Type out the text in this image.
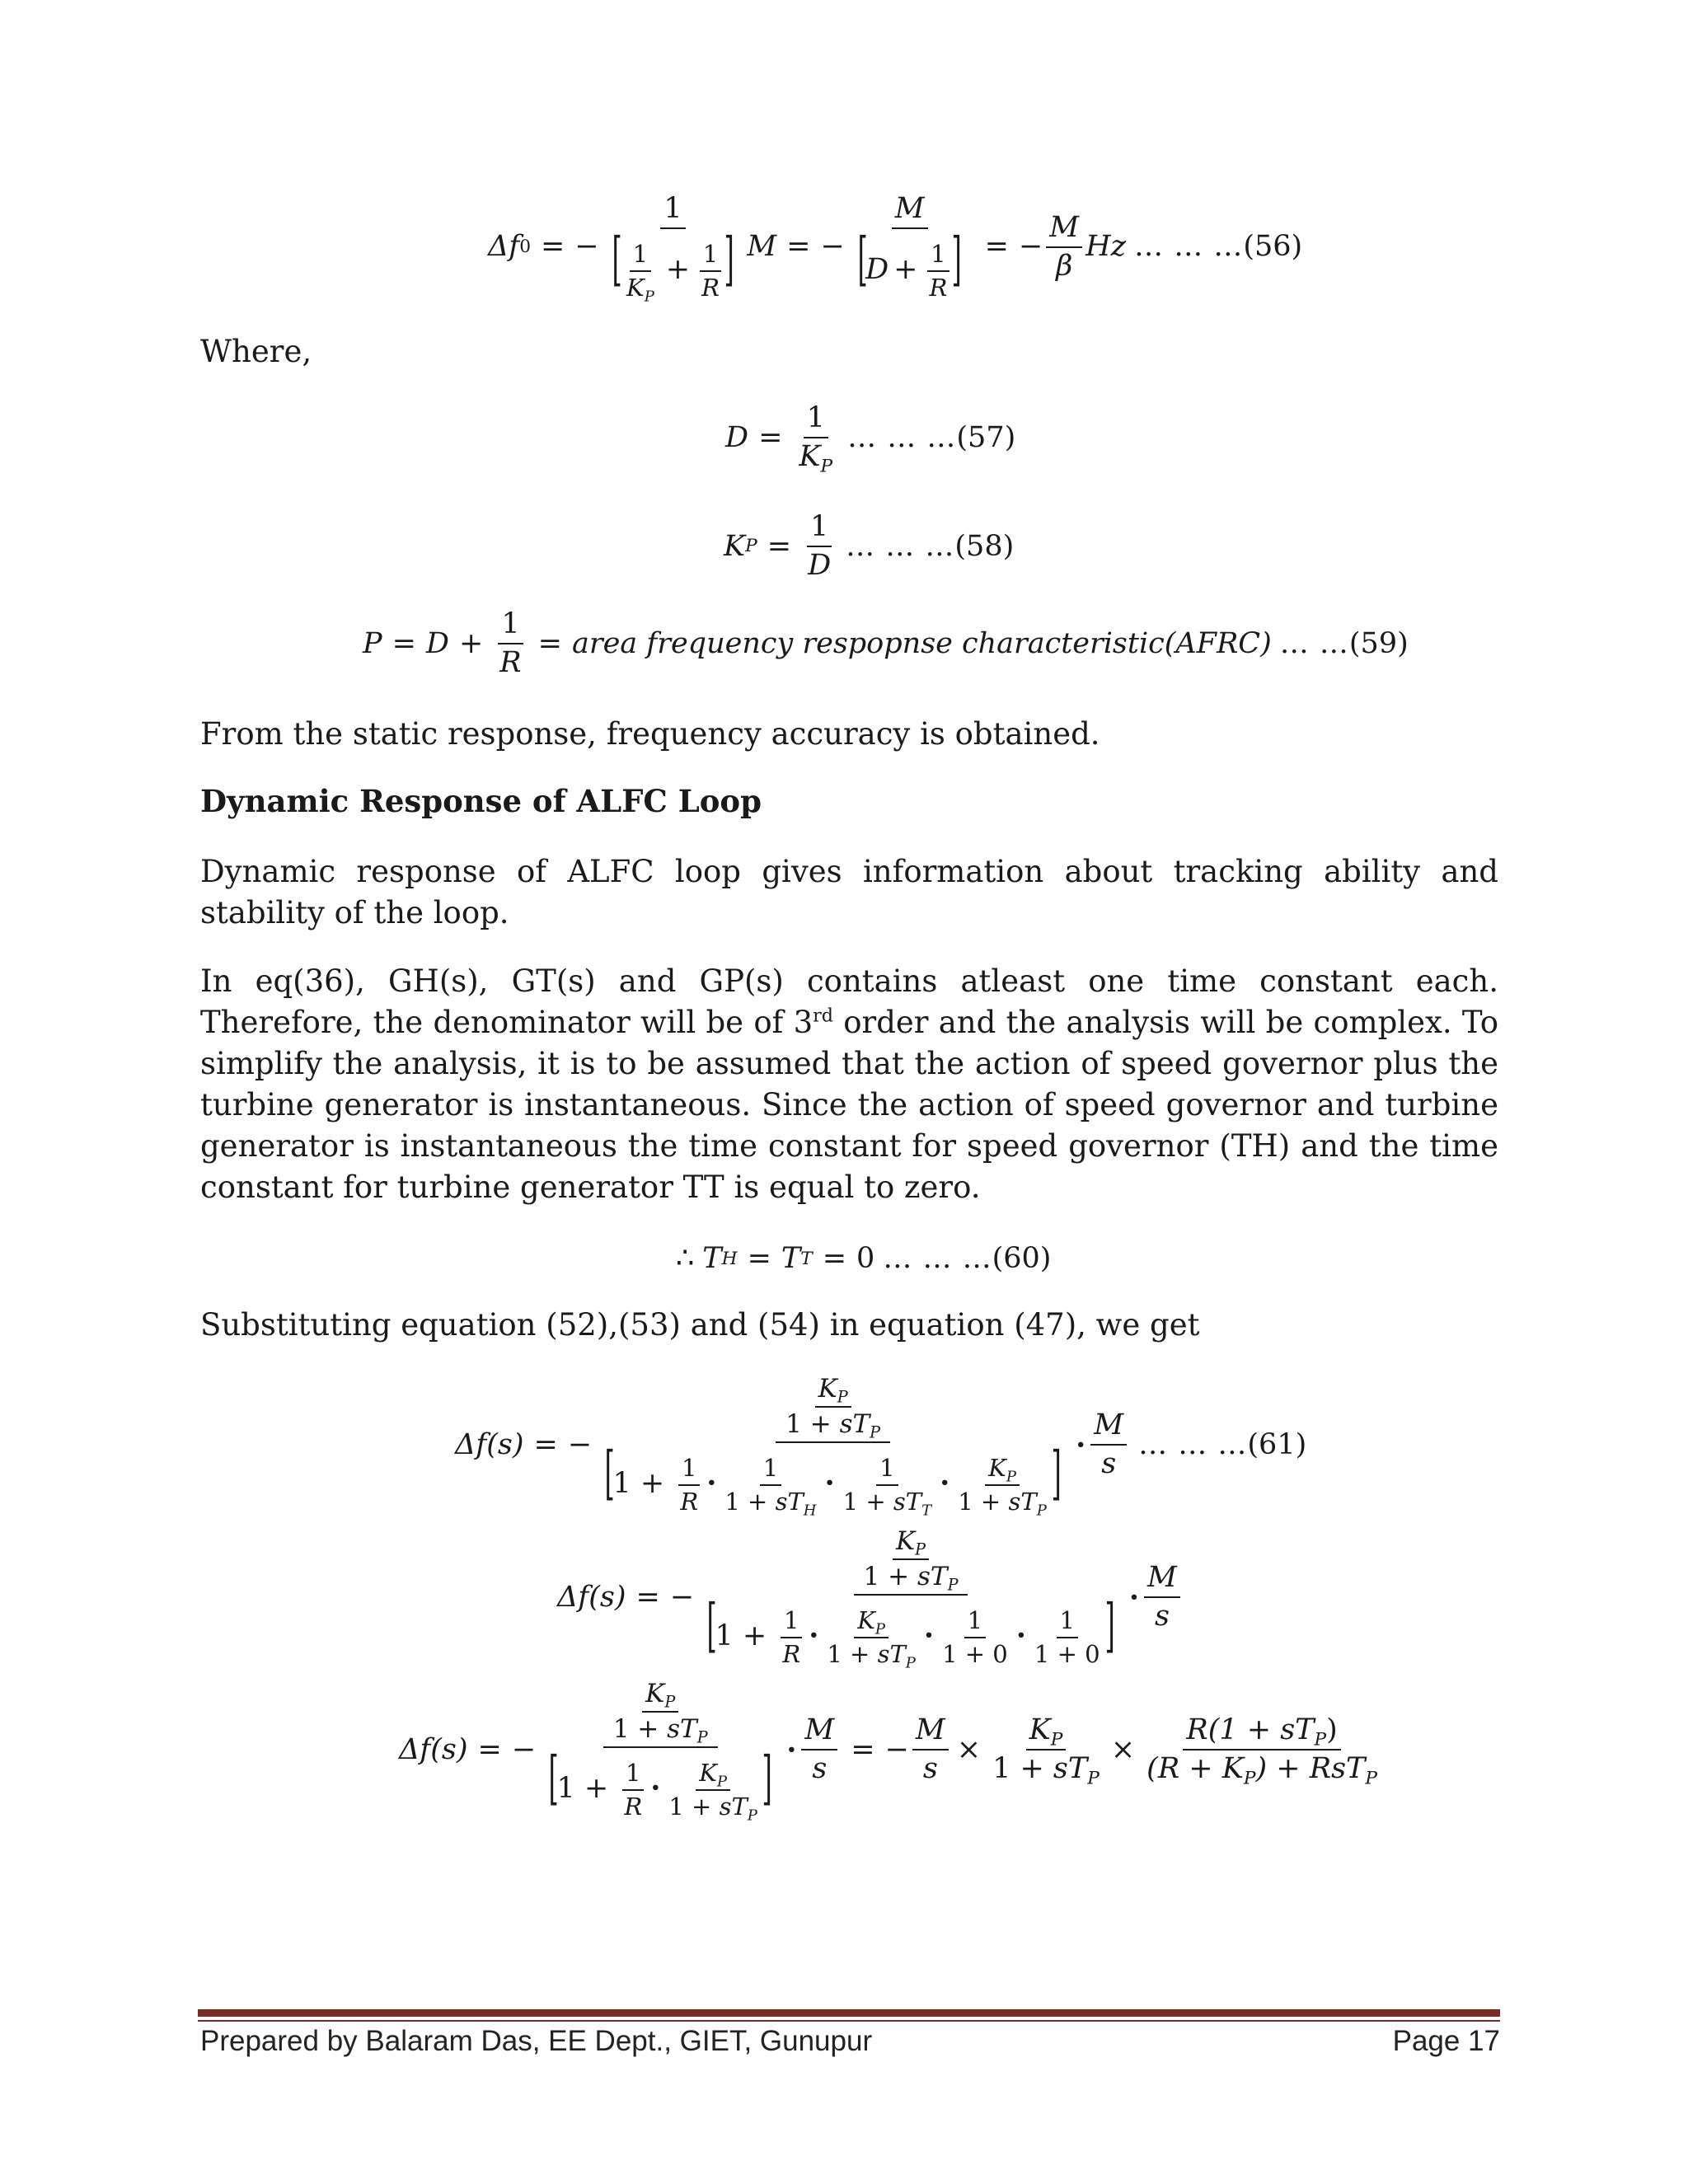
Δf 0 = − $\frac{1}{[ \frac{1}{K_P} + \frac{1}{R} ]}$ M = − $\frac{M}{[D + \frac{1}{R} ]}$ = − $\frac{M}{\beta}$ Hz … … … (56)

Where,

$D = \frac{1}{K_P}$ … … … (57)
K $P = \frac{1}{D}$ … … … (58)
$P = D + \frac{1}{R}$ = area frequency respopnse characteristic(AFRC) … … (59)

From the static response, frequency accuracy is obtained.

Dynamic Response of ALFC Loop

Dynamic response of ALFC loop gives information about tracking ability and stability of the loop.

In eq(36), GH(s), GT(s) and GP(s) contains atleast one time constant each. Therefore, the denominator will be of 3rd order and the analysis will be complex. To simplify the analysis, it is to be assumed that the action of speed governor plus the turbine generator is instantaneous. Since the action of speed governor and turbine generator is instantaneous the time constant for speed governor (TH) and the time constant for turbine generator TT is equal to zero.

∴ T H = T T = 0 … … … (60)

Substituting equation (52),(53) and (54) in equation (47), we get

Δf(s) = − $\frac{\frac{K_P}{1 + sT_P}}{[1 + \frac{1}{R} \cdot \frac{1}{1 + sT_H} \cdot \frac{1}{1 + sT_T} \cdot \frac{K_P}{1 + sT_P} ]} \cdot \frac{M}{s}$ … … … (61)
Δf(s) = − $\frac{\frac{K_P}{1 + sT_P}}{[1 + \frac{1}{R} \cdot \frac{K_P}{1 + sT_P} \cdot \frac{1}{1 + 0} \cdot \frac{1}{1 + 0} ]} \cdot \frac{M}{s}$
Δf(s) = − $\frac{\frac{K_P}{1 + sT_P}}{[1 + \frac{1}{R} \cdot \frac{K_P}{1 + sT_P} ]} \cdot \frac{M}{s}$ = − $\frac{M}{s} \times \frac{K_P}{1 + sT_P} \times \frac{R(1 + sT_P)}{(R + K_P) + RsT_P}$
Prepared by Balaram Das, EE Dept., GIET, Gunupur	Page 17
